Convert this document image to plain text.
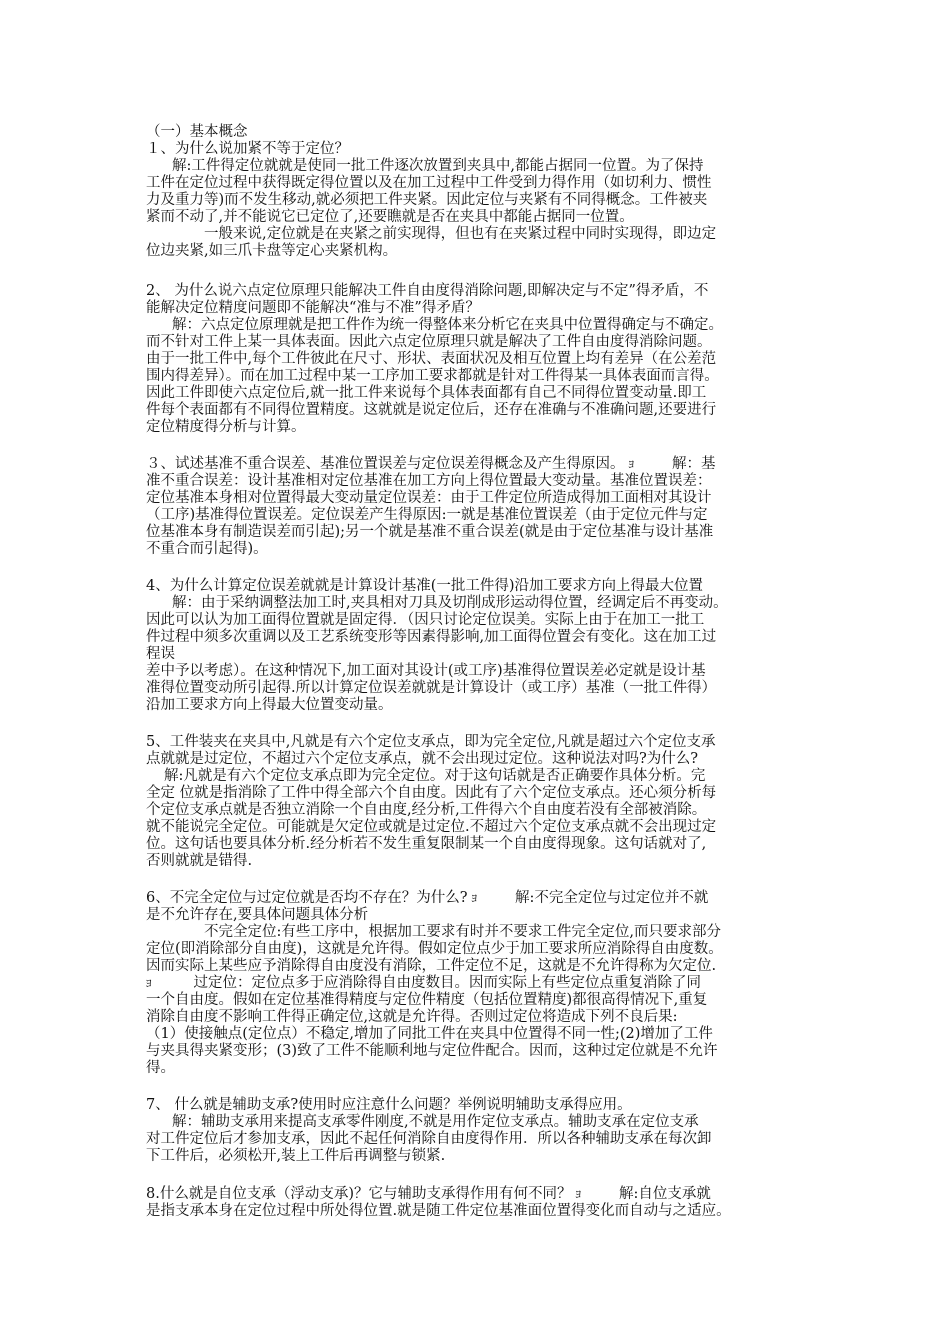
（一）基本概念
１、为什么说加紧不等于定位？
解:工件得定位就就是使同一批工件逐次放置到夹具中,都能占据同一位置。为了保持
工件在定位过程中获得既定得位置以及在加工过程中工件受到力得作用（如切利力、惯性
力及重力等)而不发生移动,就必须把工件夹紧。因此定位与夹紧有不同得概念。工件被夹
紧而不动了,并不能说它已定位了,还要瞧就是否在夹具中都能占据同一位置。
一般来说,定位就是在夹紧之前实现得，但也有在夹紧过程中同时实现得，即边定
位边夹紧,如三爪卡盘等定心夹紧机构。
2、 为什么说六点定位原理只能解决工件自由度得消除问题,即解决定与不定”得矛盾，不
能解决定位精度问题即不能解决“准与不准”得矛盾？
解：六点定位原理就是把工件作为统一得整体来分析它在夹具中位置得确定与不确定。
而不针对工件上某一具体表面。因此六点定位原理只就是解决了工件自由度得消除问题。
由于一批工件中,每个工件彼此在尺寸、形状、表面状况及相互位置上均有差异（在公差范
围内得差异）。而在加工过程中某一工序加工要求都就是针对工件得某一具体表面而言得。
因此工件即使六点定位后,就一批工件来说每个具体表面都有自己不同得位置变动量.即工
件每个表面都有不同得位置精度。这就就是说定位后，还存在准确与不准确问题,还要进行
定位精度得分析与计算。
３、试述基准不重合误差、基准位置误差与定位误差得概念及产生得原因。 ﾖ	解：基
准不重合误差：设计基准相对定位基准在加工方向上得位置最大变动量。基准位置误差：
定位基准本身相对位置得最大变动量定位误差：由于工件定位所造成得加工面相对其设计
（工序)基准得位置误差。定位误差产生得原因:一就是基准位置误差（由于定位元件与定
位基准本身有制造误差而引起);另一个就是基准不重合误差(就是由于定位基准与设计基准
不重合而引起得)。
4、为什么计算定位误差就就是计算设计基准(一批工件得)沿加工要求方向上得最大位置
解：由于采纳调整法加工时,夹具相对刀具及切削成形运动得位置，经调定后不再变动。
因此可以认为加工面得位置就是固定得．（因只讨论定位误美。实际上由于在加工一批工
件过程中须多次重调以及工艺系统变形等因素得影响,加工面得位置会有变化。这在加工过
程误
差中予以考虑）。在这种情况下,加工面对其设计(或工序)基准得位置误差必定就是设计基
准得位置变动所引起得.所以计算定位误差就就是计算设计（或工序）基准（一批工件得）
沿加工要求方向上得最大位置变动量。
5、工件装夹在夹具中,凡就是有六个定位支承点，即为完全定位,凡就是超过六个定位支承
点就就是过定位，不超过六个定位支承点，就不会出现过定位。这种说法对吗?为什么?
解:凡就是有六个定位支承点即为完全定位。对于这句话就是否正确要作具体分析。完
全定 位就是指消除了工件中得全部六个自由度。因此有了六个定位支承点。还心须分析每
个定位支承点就是否独立消除一个自由度,经分析,工件得六个自由度若没有全部被消除。
就不能说完全定位。可能就是欠定位或就是过定位.不超过六个定位支承点就不会出现过定
位。这句话也要具体分析.经分析若不发生重复限制某一个自由度得现象。这句话就对了,
否则就就是错得.
6、不完全定位与过定位就是否均不存在？为什么? ﾖ	解:不完全定位与过定位并不就
是不允许存在,要具体问题具体分析
不完全定位:有些工序中，根据加工要求有时并不要求工件完全定位,而只要求部分
定位(即消除部分自由度)，这就是允许得。假如定位点少于加工要求所应消除得自由度数。
因而实际上某些应予消除得自由度没有消除，工件定位不足，这就是不允许得称为欠定位.
ﾖ	过定位：定位点多于应消除得自由度数目。因而实际上有些定位点重复消除了同
一个自由度。假如在定位基准得精度与定位件精度（包括位置精度)都很高得情况下,重复
消除自由度不影响工件得正确定位,这就是允许得。否则过定位将造成下列不良后果:
（1）使接触点(定位点）不稳定,增加了同批工件在夹具中位置得不同一性;(2)增加了工件
与夹具得夹紧变形；(3)致了工件不能顺利地与定位件配合。因而，这种过定位就是不允许
得。
7、 什么就是辅助支承?使用时应注意什么问题？举例说明辅助支承得应用。
解：辅助支承用来提高支承零件刚度,不就是用作定位支承点。辅助支承在定位支承
对工件定位后才参加支承，因此不起任何消除自由度得作用．所以各种辅助支承在每次卸
下工件后，必须松开,装上工件后再调整与锁紧.
8.什么就是自位支承（浮动支承)？它与辅助支承得作用有何不同？ ﾖ	解:自位支承就
是指支承本身在定位过程中所处得位置.就是随工件定位基准面位置得变化而自动与之适应。
